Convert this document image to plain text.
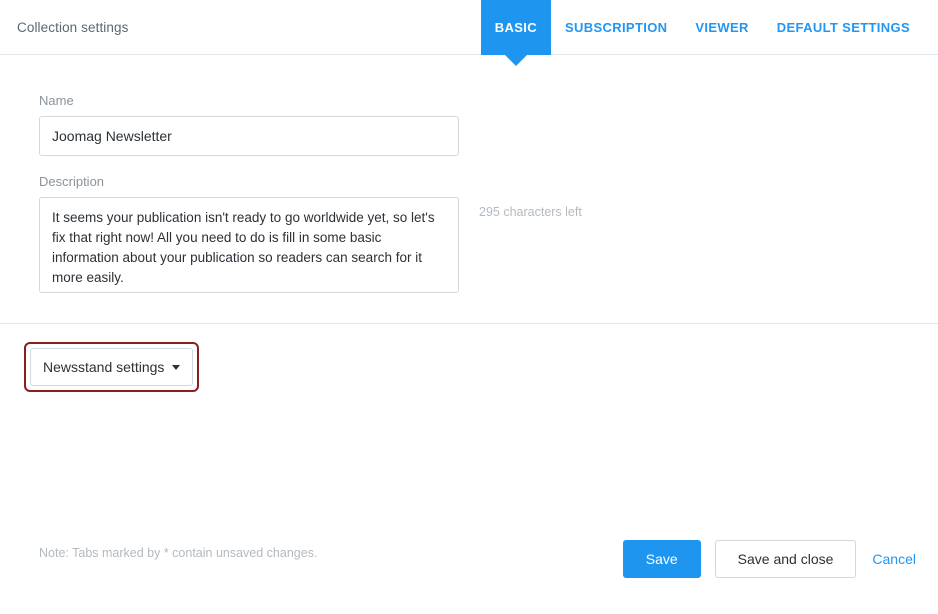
Collection settings	BASIC SUBSCRIPTION VIEWER DEFAULT SETTINGS
Name
Joomag Newsletter
Description
It seems your publication isn't ready to go worldwide yet, so let's fix that right now! All you need to do is fill in some basic information about your publication so readers can search for it more easily.
295 characters left
Newsstand settings
Note: Tabs marked by * contain unsaved changes.	Save	Save and close	Cancel
